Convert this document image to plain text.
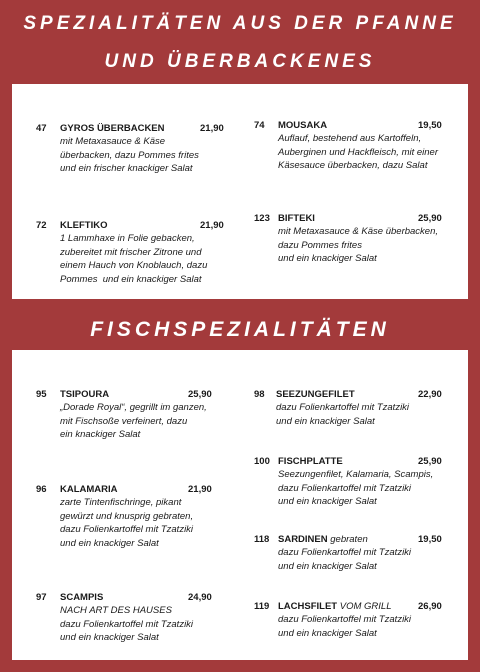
SPEZIALITÄTEN AUS DER PFANNE
UND ÜBERBACKENES
FISCHSPEZIALITÄTEN
47 GYROS ÜBERBACKEN	21,90
mit Metaxasauce & Käse
überbacken, dazu Pommes frites
und ein frischer knackiger Salat
74 MOUSAKA	19,50
Auflauf, bestehend aus Kartoffeln,
Auberginen und Hackfleisch, mit einer
Käsesauce überbacken, dazu Salat
72 KLEFTIKO	21,90
1 Lammhaxe in Folie gebacken,
zubereitet mit frischer Zitrone und
einem Hauch von Knoblauch, dazu
Pommes  und ein knackiger Salat
123 BIFTEKI	25,90
mit Metaxasauce & Käse überbacken,
dazu Pommes frites
und ein knackiger Salat
95 TSIPOURA	25,90
„Dorade Royal“, gegrillt im ganzen,
mit Fischsoße verfeinert, dazu
ein knackiger Salat
98 SEEZUNGEFILET	22,90
dazu Folienkartoffel mit Tzatziki
und ein knackiger Salat
100 FISCHPLATTE	25,90
Seezungenfilet, Kalamaria, Scampis,
dazu Folienkartoffel mit Tzatziki
und ein knackiger Salat
96 KALAMARIA	21,90
zarte Tintenfischringe, pikant
gewürzt und knusprig gebraten,
dazu Folienkartoffel mit Tzatziki
und ein knackiger Salat	118 SARDINEN gebraten	19,50
dazu Folienkartoffel mit Tzatziki
und ein knackiger Salat
97 SCAMPIS	24,90
NACH ART DES HAUSES
dazu Folienkartoffel mit Tzatziki
und ein knackiger Salat
119 LACHSFILET VOM GRILL	26,90
dazu Folienkartoffel mit Tzatziki
und ein knackiger Salat
